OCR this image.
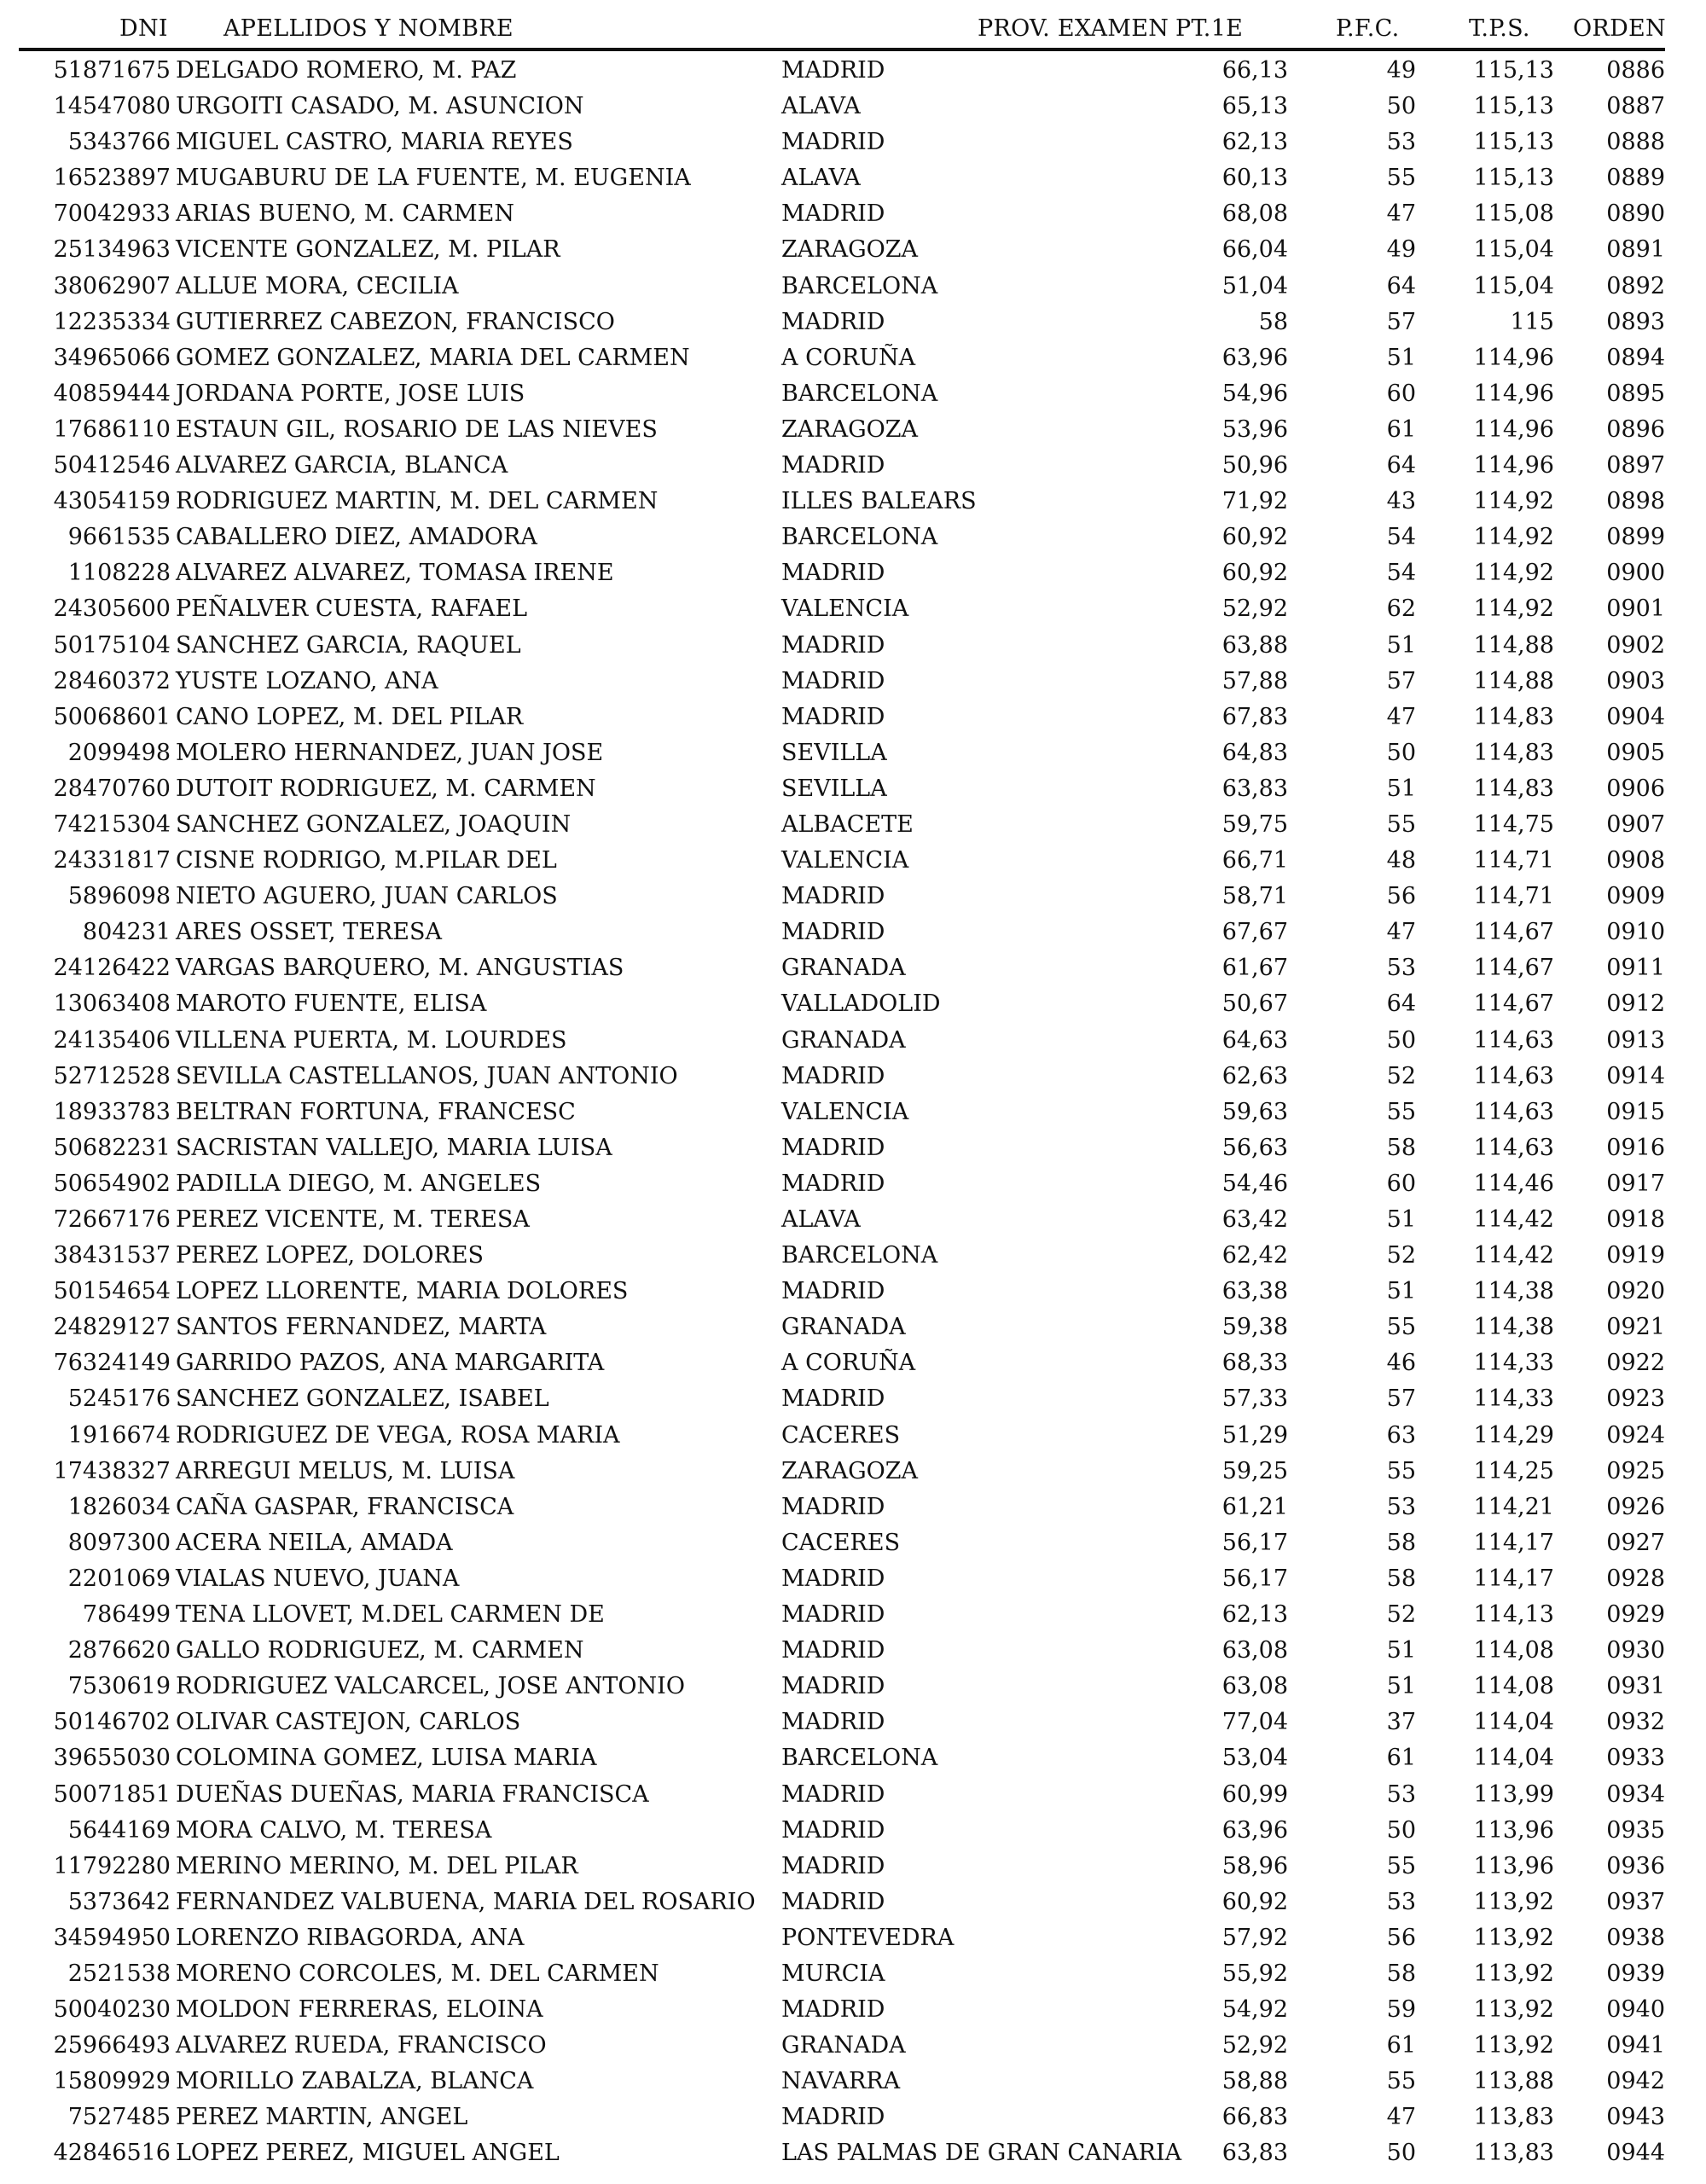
DNI APELLIDOS Y NOMBRE	PROV. EXAMEN PT.1E	P.F.C.	T.P.S. ORDEN
51871675 DELGADO ROMERO, M. PAZ	MADRID	66,13	49	115,13	0886
14547080 URGOITI CASADO, M. ASUNCION	ALAVA	65,13	50	115,13	0887
5343766 MIGUEL CASTRO, MARIA REYES	MADRID	62,13	53	115,13	0888
16523897 MUGABURU DE LA FUENTE, M. EUGENIA	ALAVA	60,13	55	115,13	0889
70042933 ARIAS BUENO, M. CARMEN	MADRID	68,08	47	115,08	0890
25134963 VICENTE GONZALEZ, M. PILAR	ZARAGOZA	66,04	49	115,04	0891
38062907 ALLUE MORA, CECILIA	BARCELONA	51,04	64	115,04	0892
12235334 GUTIERREZ CABEZON, FRANCISCO	MADRID	58	57	115	0893
34965066 GOMEZ GONZALEZ, MARIA DEL CARMEN	A CORUÑA	63,96	51	114,96	0894
40859444 JORDANA PORTE, JOSE LUIS	BARCELONA	54,96	60	114,96	0895
17686110 ESTAUN GIL, ROSARIO DE LAS NIEVES	ZARAGOZA	53,96	61	114,96	0896
50412546 ALVAREZ GARCIA, BLANCA	MADRID	50,96	64	114,96	0897
43054159 RODRIGUEZ MARTIN, M. DEL CARMEN	ILLES BALEARS	71,92	43	114,92	0898
9661535 CABALLERO DIEZ, AMADORA	BARCELONA	60,92	54	114,92	0899
1108228 ALVAREZ ALVAREZ, TOMASA IRENE	MADRID	60,92	54	114,92	0900
24305600 PEÑALVER CUESTA, RAFAEL	VALENCIA	52,92	62	114,92	0901
50175104 SANCHEZ GARCIA, RAQUEL	MADRID	63,88	51	114,88	0902
28460372 YUSTE LOZANO, ANA	MADRID	57,88	57	114,88	0903
50068601 CANO LOPEZ, M. DEL PILAR	MADRID	67,83	47	114,83	0904
2099498 MOLERO HERNANDEZ, JUAN JOSE	SEVILLA	64,83	50	114,83	0905
28470760 DUTOIT RODRIGUEZ, M. CARMEN	SEVILLA	63,83	51	114,83	0906
74215304 SANCHEZ GONZALEZ, JOAQUIN	ALBACETE	59,75	55	114,75	0907
24331817 CISNE RODRIGO, M.PILAR DEL	VALENCIA	66,71	48	114,71	0908
5896098 NIETO AGUERO, JUAN CARLOS	MADRID	58,71	56	114,71	0909
804231 ARES OSSET, TERESA	MADRID	67,67	47	114,67	0910
24126422 VARGAS BARQUERO, M. ANGUSTIAS	GRANADA	61,67	53	114,67	0911
13063408 MAROTO FUENTE, ELISA	VALLADOLID	50,67	64	114,67	0912
24135406 VILLENA PUERTA, M. LOURDES	GRANADA	64,63	50	114,63	0913
52712528 SEVILLA CASTELLANOS, JUAN ANTONIO	MADRID	62,63	52	114,63	0914
18933783 BELTRAN FORTUNA, FRANCESC	VALENCIA	59,63	55	114,63	0915
50682231 SACRISTAN VALLEJO, MARIA LUISA	MADRID	56,63	58	114,63	0916
50654902 PADILLA DIEGO, M. ANGELES	MADRID	54,46	60	114,46	0917
72667176 PEREZ VICENTE, M. TERESA	ALAVA	63,42	51	114,42	0918
38431537 PEREZ LOPEZ, DOLORES	BARCELONA	62,42	52	114,42	0919
50154654 LOPEZ LLORENTE, MARIA DOLORES	MADRID	63,38	51	114,38	0920
24829127 SANTOS FERNANDEZ, MARTA	GRANADA	59,38	55	114,38	0921
76324149 GARRIDO PAZOS, ANA MARGARITA	A CORUÑA	68,33	46	114,33	0922
5245176 SANCHEZ GONZALEZ, ISABEL	MADRID	57,33	57	114,33	0923
1916674 RODRIGUEZ DE VEGA, ROSA MARIA	CACERES	51,29	63	114,29	0924
17438327 ARREGUI MELUS, M. LUISA	ZARAGOZA	59,25	55	114,25	0925
1826034 CAÑA GASPAR, FRANCISCA	MADRID	61,21	53	114,21	0926
8097300 ACERA NEILA, AMADA	CACERES	56,17	58	114,17	0927
2201069 VIALAS NUEVO, JUANA	MADRID	56,17	58	114,17	0928
786499 TENA LLOVET, M.DEL CARMEN DE	MADRID	62,13	52	114,13	0929
2876620 GALLO RODRIGUEZ, M. CARMEN	MADRID	63,08	51	114,08	0930
7530619 RODRIGUEZ VALCARCEL, JOSE ANTONIO	MADRID	63,08	51	114,08	0931
50146702 OLIVAR CASTEJON, CARLOS	MADRID	77,04	37	114,04	0932
39655030 COLOMINA GOMEZ, LUISA MARIA	BARCELONA	53,04	61	114,04	0933
50071851 DUEÑAS DUEÑAS, MARIA FRANCISCA	MADRID	60,99	53	113,99	0934
5644169 MORA CALVO, M. TERESA	MADRID	63,96	50	113,96	0935
11792280 MERINO MERINO, M. DEL PILAR	MADRID	58,96	55	113,96	0936
5373642 FERNANDEZ VALBUENA, MARIA DEL ROSARIO	MADRID	60,92	53	113,92	0937
34594950 LORENZO RIBAGORDA, ANA	PONTEVEDRA	57,92	56	113,92	0938
2521538 MORENO CORCOLES, M. DEL CARMEN	MURCIA	55,92	58	113,92	0939
50040230 MOLDON FERRERAS, ELOINA	MADRID	54,92	59	113,92	0940
25966493 ALVAREZ RUEDA, FRANCISCO	GRANADA	52,92	61	113,92	0941
15809929 MORILLO ZABALZA, BLANCA	NAVARRA	58,88	55	113,88	0942
7527485 PEREZ MARTIN, ANGEL	MADRID	66,83	47	113,83	0943
42846516 LOPEZ PEREZ, MIGUEL ANGEL	LAS PALMAS DE GRAN CANARIA	63,83	50	113,83	0944
